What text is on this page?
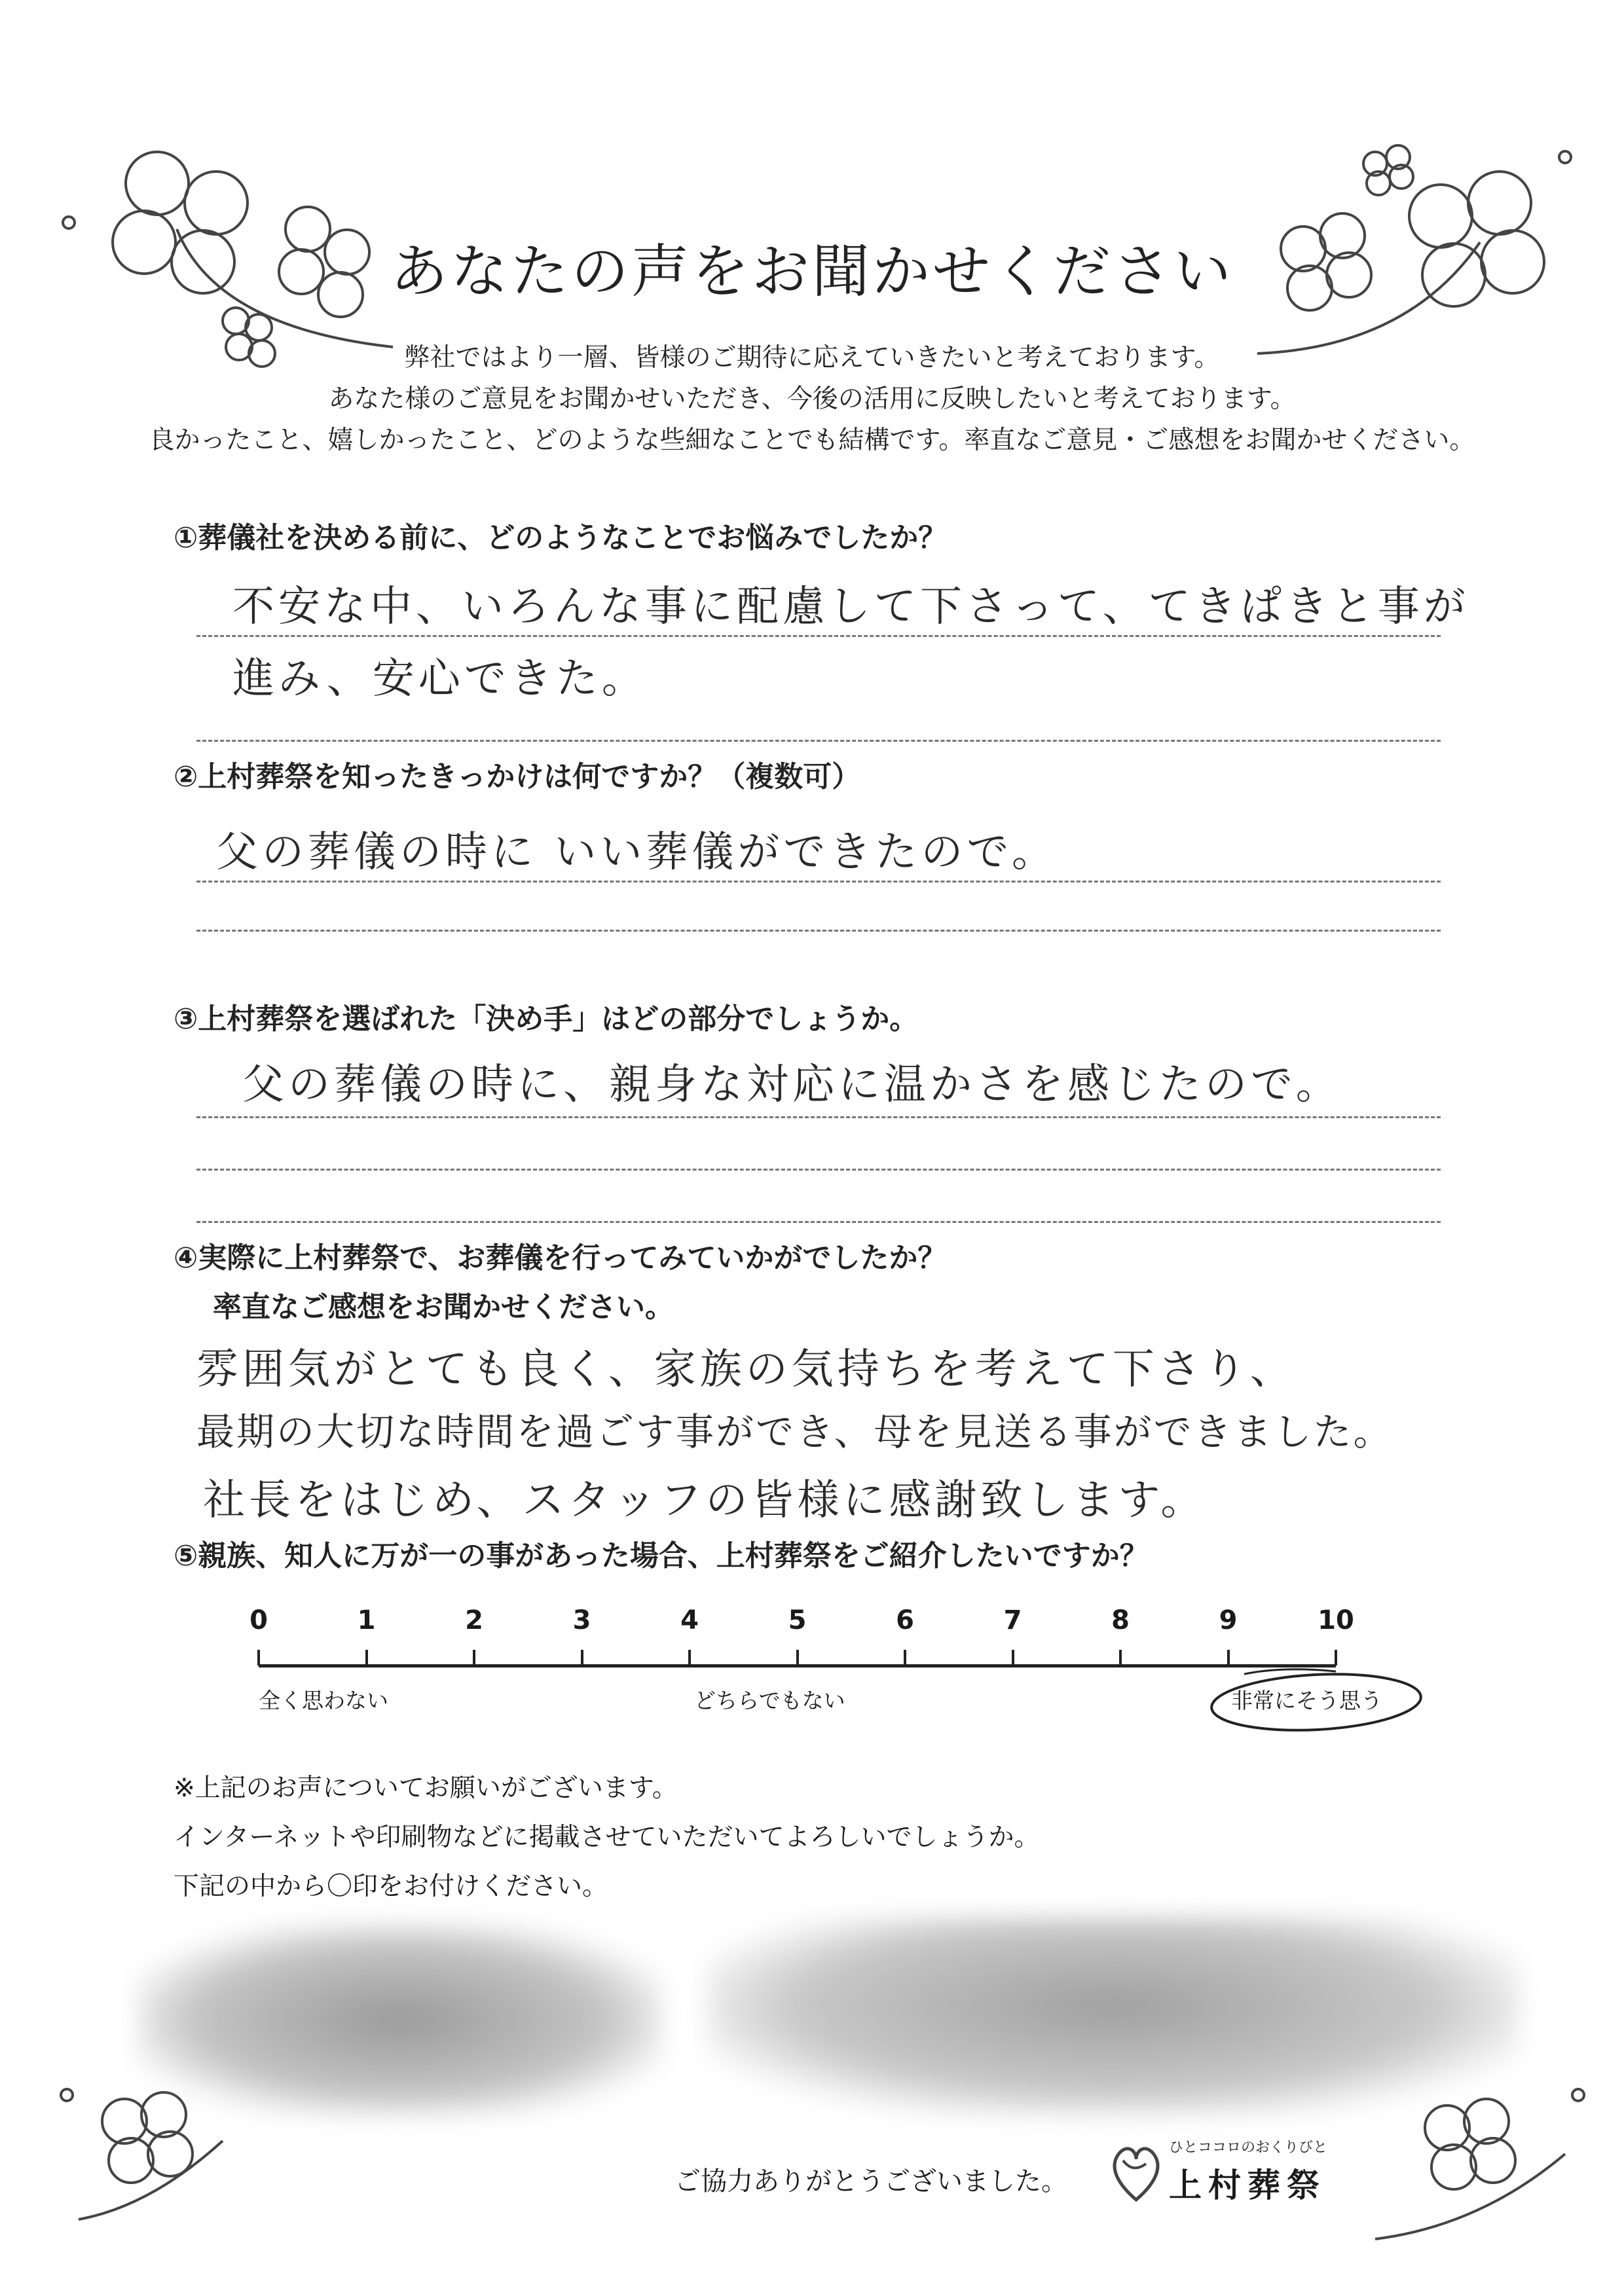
あなたの声をお聞かせください
弊社ではより一層、皆様のご期待に応えていきたいと考えております。
あなた様のご意見をお聞かせいただき、今後の活用に反映したいと考えております。
良かったこと、嬉しかったこと、どのような些細なことでも結構です。率直なご意見・ご感想をお聞かせください。
①葬儀社を決める前に、どのようなことでお悩みでしたか？
不安な中、いろんな事に配慮して下さって、てきぱきと事が
進み、安心できた。
②上村葬祭を知ったきっかけは何ですか？（複数可）
父の葬儀の時に いい葬儀ができたので。
③上村葬祭を選ばれた「決め手」はどの部分でしょうか。
父の葬儀の時に、親身な対応に温かさを感じたので。
④実際に上村葬祭で、お葬儀を行ってみていかがでしたか？
率直なご感想をお聞かせください。
雰囲気がとても良く、家族の気持ちを考えて下さり、
最期の大切な時間を過ごす事ができ、母を見送る事ができました。
社長をはじめ、スタッフの皆様に感謝致します。
⑤親族、知人に万が一の事があった場合、上村葬祭をご紹介したいですか？
0	1	2	3	4	5	6	7	8	9	10
全く思わない	どちらでもない	非常にそう思う
※上記のお声についてお願いがございます。
インターネットや印刷物などに掲載させていただいてよろしいでしょうか。
下記の中から〇印をお付けください。
ご協力ありがとうございました。
ひとココロのおくりびと
上村葬祭
